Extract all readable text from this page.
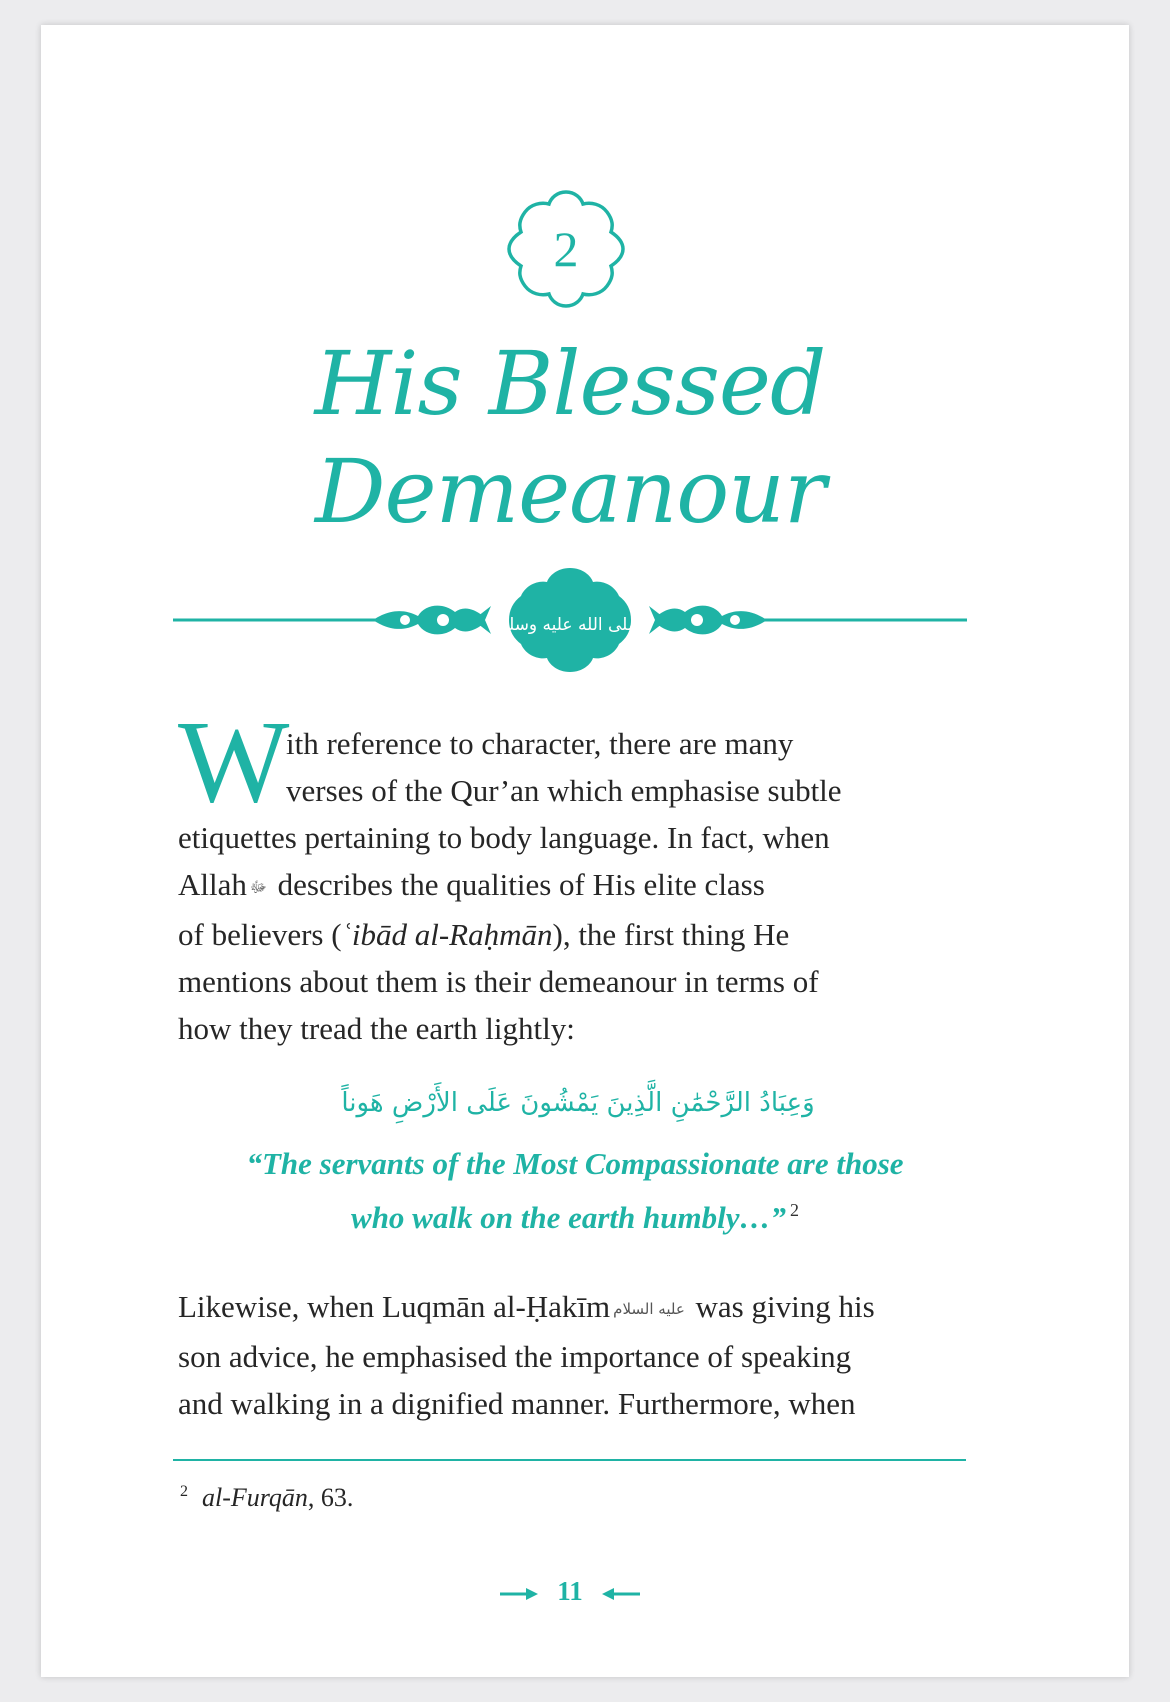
2
His Blessed
Demeanour
صلى الله عليه وسلم
W
ith reference to character, there are many
verses of the Qur’an which emphasise subtle
etiquettes pertaining to body language. In fact, when
Allah ﷻ describes the qualities of His elite class
of believers (ʿibād al-Raḥmān), the first thing He
mentions about them is their demeanour in terms of
how they tread the earth lightly:
وَعِبَادُ الرَّحْمَٰنِ الَّذِينَ يَمْشُونَ عَلَى الأَرْضِ هَوناً
“The servants of the Most Compassionate are those
who walk on the earth humbly…” $^2$
Likewise, when Luqmān al-Ḥakīm عليه السلام was giving his
son advice, he emphasised the importance of speaking
and walking in a dignified manner. Furthermore, when
$^2$ al-Furqān, 63.
11
